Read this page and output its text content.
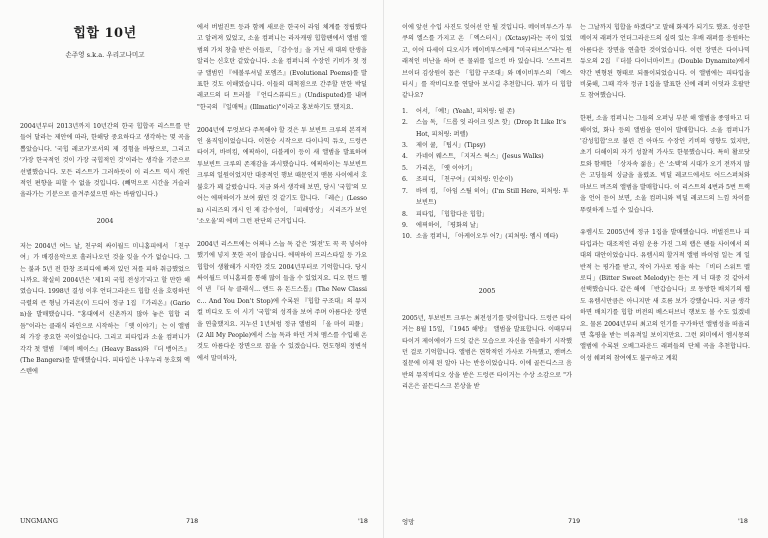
힙합 10년
손주영 s.k.a. 우리고나미고

2004년부터 2013년까지 10년간의 한국 힙합곡 리스트를 만들어 달라는 제안에 따라, 한해당 중요하다고 생각하는 몇 곡을 뽑았습니다. '국힙 레코가'로서의 제 경험을 바탕으로, 그리고 '가장 한국적인 것이 가장 국힙적인 것'이라는 생각을 기준으로 선별했습니다. 모든 리스트가 그러하듯이 이 리스트 역시 개인적인 편향을 피할 수 없을 것입니다. (빼먹으로 시간을 거슬러 올라가는 기분으로 즐겨주셨으면 하는 바람입니다.)

2004

저는 2004년 여느 날, 친구의 싸이월드 미니홈피에서 「친구여」가 배경음악으로 흘러나오던 것을 잊을 수가 없습니다. 그는 불과 5년 전 한창 조피디에 빠져 있던 저를 피하 취급했었으니까요. 확실히 2004년은 '제1의 국힙 전성기'라고 할 만한 해였습니다. 1998년 결성 이후 언더그라운드 힙합 신을 호령하던 극렬의 큰 형님 가리온(이 드디어 정규 1집 『가리온』(Garion)을 발매했습니다. "홍대에서 신촌까지 많아 놓은 힙합 리듬"이라는 클래식 라인으로 시작하는 「옛 이야기」는 이 앨범의 가장 중요한 곡이었습니다. 그리고 피타입과 소울 컴퍼니가 각각 첫 앨범 『헤비 베이스』(Heavy Bass)와 『더 뱅어즈』(The Bangers)를 발매했습니다. 피타입은 나우누리 동호회 엑스텐에

에서 버벌진트 등과 함께 새로운 한국어 라임 체계를 정립했다고 알려져 있었고, 소울 컴퍼니는 라자캐핑 힙합팬에서 앨범 앨범의 가치 창출 받은 이들로, 「감수성」을 거닌 새 대의 탄생을 알리는 신호탄 같았습니다. 소울 컴퍼니의 수장인 키비가 첫 정규 앨범인 『에볼루셔널 포엠즈』(Evolutional Poems)를 발표한 것도 이해였습니다. 이들의 대척점으로 간주할 만한 박딜 레코드의 더 트러블 『언디스퓨티드』(Undisputed)를 내며 "한국의 『일매틱』(Illmatic)"이라고 홍보하기도 했지요.

2004년에 무엇보다 주목해야 할 것은 투 보빈트 크루의 본격적인 움직임이었습니다. 이현승 시작으로 다이나믹 듀오, 드렁큰 타이거, 바비킴, 에픽하이, 더블케이 등이 새 앨범을 발표하며 투보빈트 크루의 존재감을 과시했습니다. 에픽하이는 투보빈트 크루의 일원이었지만 대중적인 행보 때문인지 맨몸 사이에서 호불호가 꽤 갈렸습니다. 지금 와서 생각해 보면, 당시 '국힙'의 모어는 에픽하이가 보여 줬던 것 같기도 합니다. 「레슨」(Lesson) 시리즈의 개시 인 제 감수성이, 「피해망상」 시리즈가 보인 '소오울'의 에머 그런 판단의 근거입니다.

2004년 리스트에는 어쩌나 스눕 독 같은 '회전'도 꼭 꼭 넣어야 했기에 넣지 못한 곡이 많습니다. 에픽하이 프리스타일 등 가요 힙합이 생활해가 시작한 것도 2004년부터로 기억합니다. 당시 싸이월드 미니홈피를 통해 많이 들을 수 있었지요. 디오 헌드 헬이 낸 『더 뉴 클래식… 앤드 유 돈드스톱』(The New Classic… And You Don't Stop)에 수록된 『힙합 구조대』의 뮤지컬 비디오 도 이 시기 '국힙'의 성격을 보여 주며 아름다운 장면을 연출했지요. 지누션 1년처럼 정규 앨범의 「올 마이 피플」(2 All My People)에서 스눕 독과 하던 거처 멤스를 수입해 온 것도 아름다운 장면으로 꼽을 수 있겠습니다. 현도형의 정변석에서 말미하자,
UNGMANG	718	'18

이에 앞선 수입 사진도 잊어선 안 될 것입니다. 메이비투스가 투쿠의 엘스를 가지고 온 「엑스터시」(Xctasy)라는 곡이 있었고, 이어 다세이 디오시가 메이비투스에게 "미국터브스"라는 원래적인 비난을 하며 큰 물위를 일으킨 바 있습니다. '스트리트 브이더 김상원이 꼽은 「힙합 구조대」와 메이비투스의 「엑스터시」를 작비디오를 연달아 보시길 추천합니다. 뭐가 더 힙합 같나요?

1. 어서, 「예!」(Yeah!, 피처링: 펄 존)
2. 스눕 독, 「드롭 잇 라이크 잇츠 핫」(Drop It Like It's Hot, 피처링: 퍼렐)
3. 제이 쿨, 「팁시」(Tipsy)
4. 카네이 웨스트, 「지저스 웍스」(Jesus Walks)
5. 가리온, 「옛 이야기」
6. 조피디, 「친구여」(피처링: 인순이)
7. 바비 킴, 「아임 스틸 히어」(I'm Still Here, 피처링: 투보빈트)
8. 피타입, 「힙합다운 힙합」
9. 에픽하이, 「평화의 날」
10. 소울 컴퍼니, 「아케이오두 어?」(피처링: 엠시 메타)
2005

2005년, 투보빈트 크루는 최전성기를 맞이합니다. 드렁큰 타이거는 8월 15일, 『1945 해방』 앨범을 발표합니다. 이때부터 타이거 제이에이가 드잇 같은 모습으로 자신을 연출하기 시작했던 걸로 기억합니다. 앨범은 현학적인 가사로 가득했고, 캔버스 질문에 이제 된 알아 나는 반응이었습니다. 이에 골든디스크 음반의 뮤직비디오 상을 받은 드렁큰 타이거는 수상 소감으로 "가리온은 골든디스크 본상을 받

는 그날까지 힙합을 하겠다"고 말해 화제가 되기도 했죠. 성공한 메이저 래퍼가 언더그라운드의 실력 있는 후배 래퍼를 응원하는 아름다운 장면을 연출한 것이었습니다. 이런 장면은 다이나믹 듀오의 2집 『더블 다이너마이트』(Double Dynamite)에서 약간 변형된 형태로 되풀이되었습니다. 이 앨범에는 피타입을 비롯해, 그때 각자 정규 1집을 발표한 신예 래퍼 이덧과 호팔만도 참여했습니다.

한편, 소울 컴퍼니는 그들의 오퍼닝 부분 해 앨범을 종영하고 더해이었, 화나 등의 앨범을 연이어 발매합니다. 소울 컴퍼니가 '감성힙합'으로 불린 건 아마도 수장인 키비의 영향도 있지만, 초기 더해이의 자기 성찰적 가사도 한몫했습니다. 특히 활로닷토와 함께한 「상자속 젊음」은 '소웩'의 시대가 오기 전까지 많은 고딩들의 싱글을 울렸죠. 빅딜 레코드에서도 어드스퍼처와 마보드 버즈의 앨범을 발매합니다. 이 리스트의 4번과 5번 트랙을 언어 듣어 보면, 소울 컴퍼니와 빅딜 레코드의 느낌 차이를 뚜렷하게 느낄 수 있습니다.

유렘시도 2005년에 정규 1집을 발매했습니다. 버벌진트나 피타입과는 대조적인 라임 운용 가진 그의 랩은 팬들 사이에서 의대의 대안이었습니다. 유렘시의 할거적 앨범 바이엄 일는 게 일반적 는 평가를 받고, 작어 가사로 평을 하는 「비터 스위트 멜로디」(Bitter Sweet Melody)는 듣는 게 너 대중 것 같아서 선택했습니다. 같은 해에 「반갑습니다」로 동방한 배치기의 웹도 유렘시만큼은 아니지만 새 흐름 보가 강했습니다. 지금 생각하면 배치기를 힙합 버전의 베스터브너 행보도 볼 수도 있겠네요. 물론 2004년부터 최고의 인기를 구가하던 앨범성을 떠올리면 혹평을 받는 비유적일 보이지만요. 그런 외미에서 엠시몽의 앨범에 수록된 오베그라운드 래퍼들의 단체 곡을 추천합니다. 이성 쉐퍼의 참여에도 불구하고 계획
엉망	719	'18
